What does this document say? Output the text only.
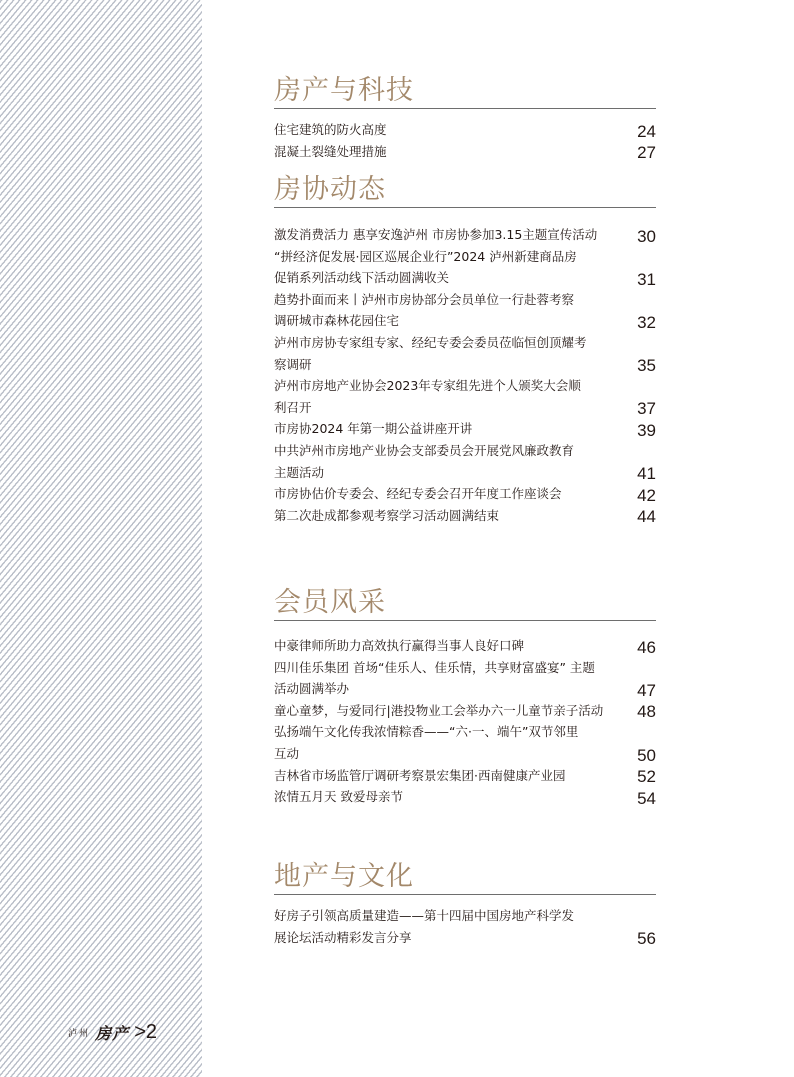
房产与科技
住宅建筑的防火高度	24
混凝土裂缝处理措施	27
房协动态
激发消费活力 惠享安逸泸州 市房协参加3.15主题宣传活动	30
“拼经济促发展·园区巡展企业行”2024 泸州新建商品房
促销系列活动线下活动圆满收关	31
趋势扑面而来丨泸州市房协部分会员单位一行赴蓉考察
调研城市森林花园住宅	32
泸州市房协专家组专家、经纪专委会委员莅临恒创顶耀考
察调研	35
泸州市房地产业协会2023年专家组先进个人颁奖大会顺
利召开	37
市房协2024 年第一期公益讲座开讲	39
中共泸州市房地产业协会支部委员会开展党风廉政教育
主题活动	41
市房协估价专委会、经纪专委会召开年度工作座谈会	42
第二次赴成都参观考察学习活动圆满结束	44
会员风采
中豪律师所助力高效执行赢得当事人良好口碑	46
四川佳乐集团 首场“佳乐人、佳乐情，共享财富盛宴” 主题
活动圆满举办	47
童心童梦，与爱同行|港投物业工会举办六一儿童节亲子活动	48
弘扬端午文化传我浓情粽香——“六·一、端午”双节邻里
互动	50
吉林省市场监管厅调研考察景宏集团·西南健康产业园	52
浓情五月天 致爱母亲节	54
地产与文化
好房子引领高质量建造——第十四届中国房地产科学发
展论坛活动精彩发言分享	56
泸州 房产 >2
